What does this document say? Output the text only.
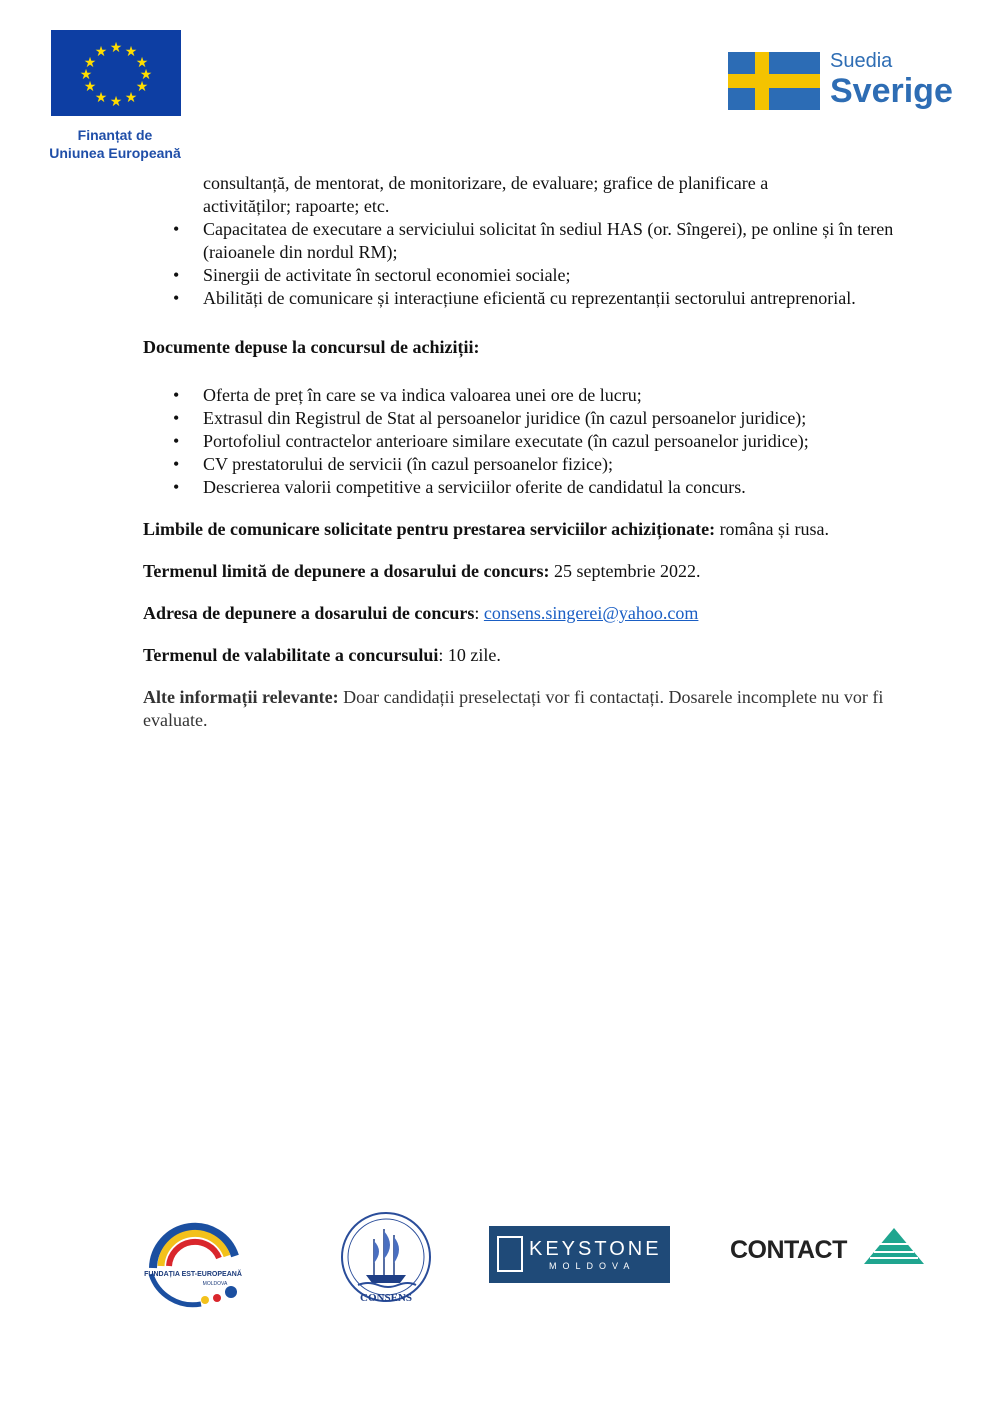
★ ★
★
★
★
★
★
★
★
★
★
★
Finanțat de
Uniunea Europeană
Suedia
Sverige
consultanță, de mentorat, de monitorizare, de evaluare; grafice de planificare a
activităților; rapoarte; etc.
• Capacitatea de executare a serviciului solicitat în sediul HAS (or. Sîngerei), pe online și în teren (raioanele din nordul RM);
• Sinergii de activitate în sectorul economiei sociale;
• Abilități de comunicare și interacțiune eficientă cu reprezentanții sectorului antreprenorial.
Documente depuse la concursul de achiziții:
• Oferta de preț în care se va indica valoarea unei ore de lucru;
• Extrasul din Registrul de Stat al persoanelor juridice (în cazul persoanelor juridice);
• Portofoliul contractelor anterioare similare executate (în cazul persoanelor juridice);
• CV prestatorului de servicii (în cazul persoanelor fizice);
• Descrierea valorii competitive a serviciilor oferite de candidatul la concurs.

Limbile de comunicare solicitate pentru prestarea serviciilor achiziționate: româna și rusa.

Termenul limită de depunere a dosarului de concurs: 25 septembrie 2022.

Adresa de depunere a dosarului de concurs: consens.singerei@yahoo.com

Termenul de valabilitate a concursului: 10 zile.

Alte informații relevante: Doar candidații preselectați vor fi contactați. Dosarele incomplete nu vor fi evaluate.

FUNDAȚIA EST-EUROPEANĂ
MOLDOVA
CONSENS
KEYSTONE
MOLDOVA
CONTACT
